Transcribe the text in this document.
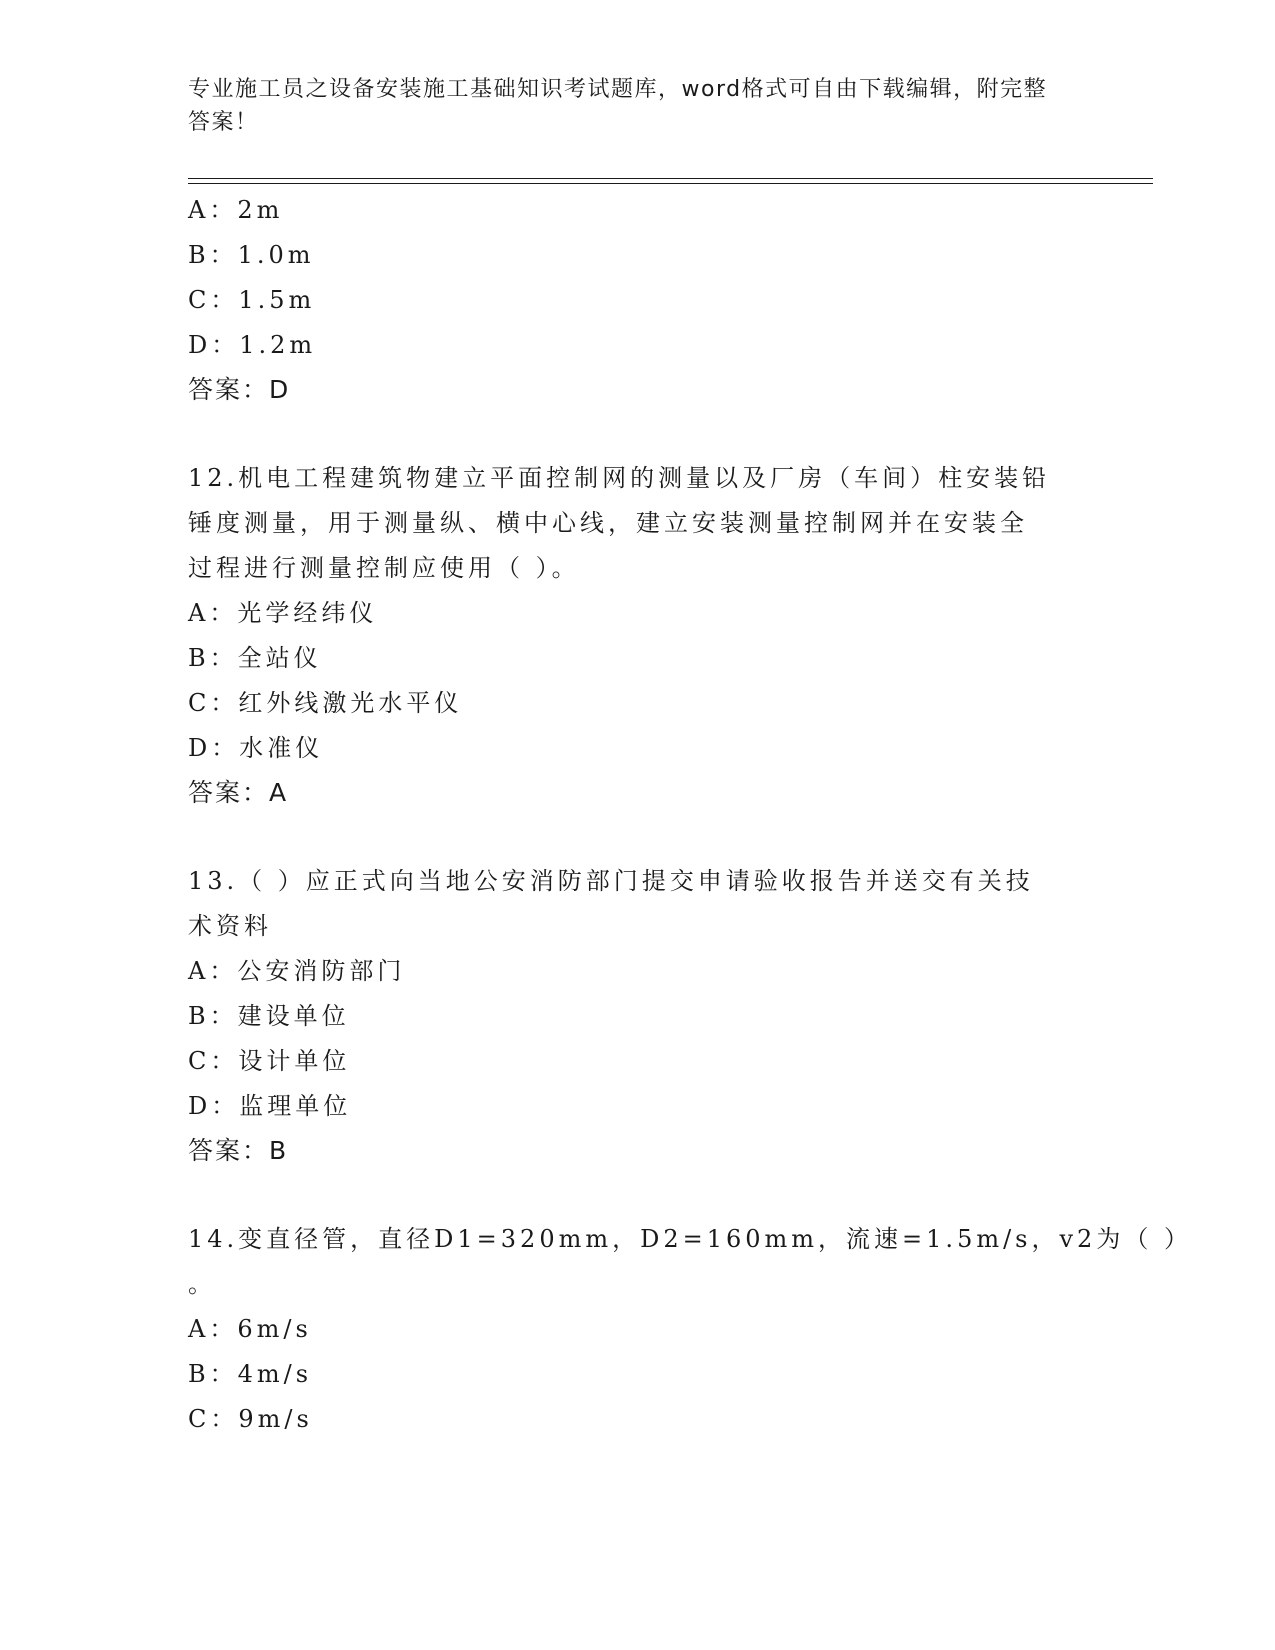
专业施工员之设备安装施工基础知识考试题库，word格式可自由下载编辑，附完整答案！
A：2m
B：1.0m
C：1.5m
D：1.2m
答案：D
12.机电工程建筑物建立平面控制网的测量以及厂房（车间）柱安装铅
锤度测量，用于测量纵、横中心线，建立安装测量控制网并在安装全
过程进行测量控制应使用（ ）。
A：光学经纬仪
B：全站仪
C：红外线激光水平仪
D：水准仪
答案：A
13.（ ）应正式向当地公安消防部门提交申请验收报告并送交有关技
术资料
A：公安消防部门
B：建设单位
C：设计单位
D：监理单位
答案：B
14.变直径管，直径D1=320mm，D2=160mm，流速=1.5m/s，v2为（ ）
。
A：6m/s
B：4m/s
C：9m/s
